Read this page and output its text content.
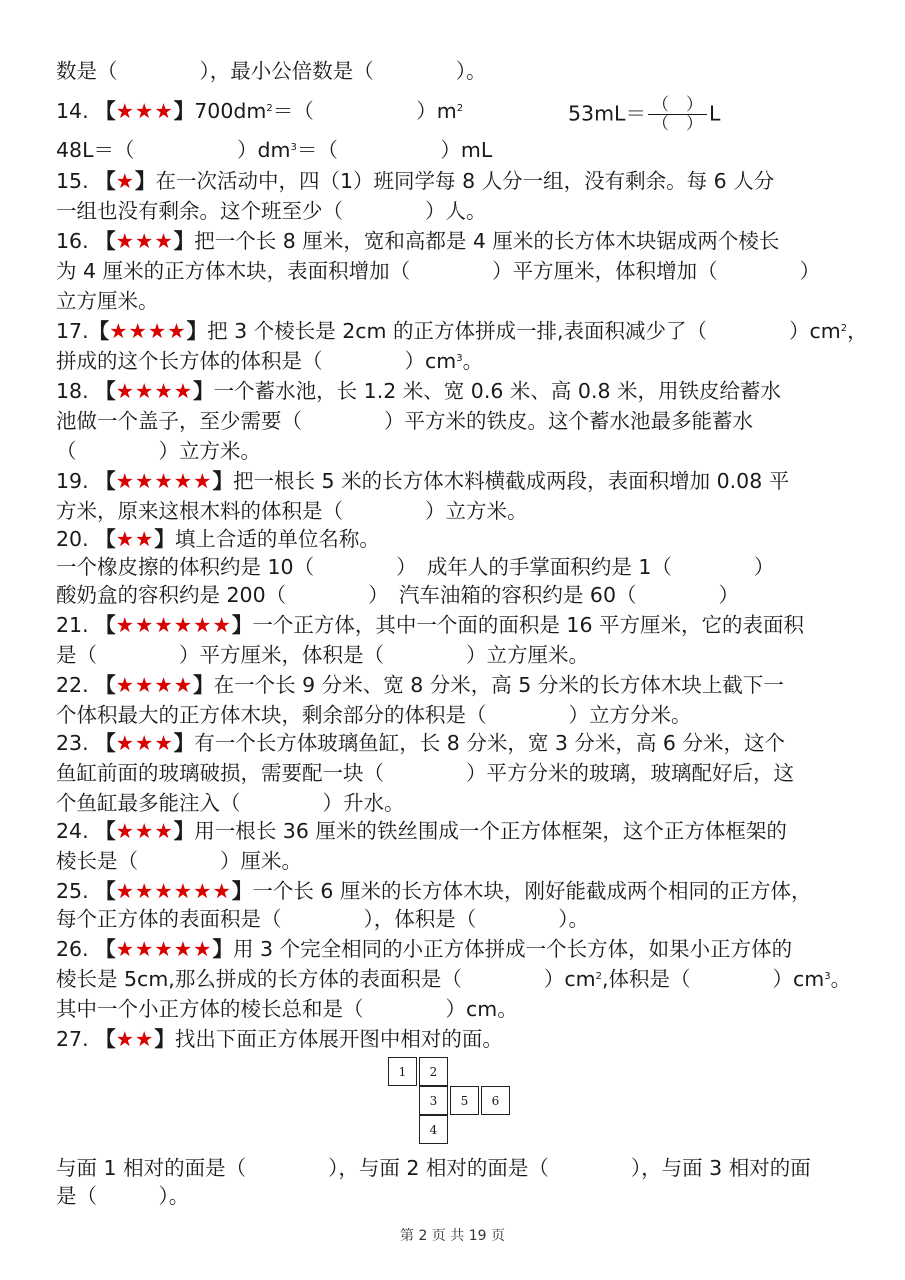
数是（　　　　），最小公倍数是（　　　　）。
14. 【★★★】$700dm^2=$（　　　　　）$m^2$	$53mL= \frac{( )}{( )}$ L
48L＝（　　　　　）$dm^3=$（　　　　　）mL
15. 【★】在一次活动中，四（1）班同学每 8 人分一组，没有剩余。每 6 人分
一组也没有剩余。这个班至少（　　　　）人。
16. 【★★★】把一个长 8 厘米，宽和高都是 4 厘米的长方体木块锯成两个棱长
为 4 厘米的正方体木块，表面积增加（　　　　）平方厘米，体积增加（　　　　）
立方厘米。
17.【★★★★】把 3 个棱长是 2cm 的正方体拼成一排,表面积减少了（　　　　）$cm^2$，
拼成的这个长方体的体积是（　　　　）$cm^3$。
18. 【★★★★】一个蓄水池，长 1.2 米、宽 0.6 米、高 0.8 米，用铁皮给蓄水
池做一个盖子，至少需要（　　　　）平方米的铁皮。这个蓄水池最多能蓄水
（　　　　）立方米。
19. 【★★★★★】把一根长 5 米的长方体木料横截成两段，表面积增加 0.08 平
方米，原来这根木料的体积是（　　　　）立方米。
20. 【★★】填上合适的单位名称。
一个橡皮擦的体积约是 10（　　　　）　成年人的手掌面积约是 1（　　　　）
酸奶盒的容积约是 200（　　　　）　汽车油箱的容积约是 60（　　　　）
21. 【★★★★★★】一个正方体，其中一个面的面积是 16 平方厘米，它的表面积
是（　　　　）平方厘米，体积是（　　　　）立方厘米。
22. 【★★★★】在一个长 9 分米、宽 8 分米，高 5 分米的长方体木块上截下一
个体积最大的正方体木块，剩余部分的体积是（　　　　）立方分米。
23. 【★★★】有一个长方体玻璃鱼缸，长 8 分米，宽 3 分米，高 6 分米，这个
鱼缸前面的玻璃破损，需要配一块（　　　　）平方分米的玻璃，玻璃配好后，这
个鱼缸最多能注入（　　　　）升水。
24. 【★★★】用一根长 36 厘米的铁丝围成一个正方体框架，这个正方体框架的
棱长是（　　　　）厘米。
25. 【★★★★★★】一个长 6 厘米的长方体木块，刚好能截成两个相同的正方体，
每个正方体的表面积是（　　　　），体积是（　　　　）。
26. 【★★★★★】用 3 个完全相同的小正方体拼成一个长方体，如果小正方体的
棱长是 5cm,那么拼成的长方体的表面积是（　　　　）$cm^2$,体积是（　　　　）$cm^3$。
其中一个小正方体的棱长总和是（　　　　）cm。
27. 【★★】找出下面正方体展开图中相对的面。
1	2
3	5	6
4
与面 1 相对的面是（　　　　），与面 2 相对的面是（　　　　），与面 3 相对的面
是（　　　）。
第 2 页 共 19 页
